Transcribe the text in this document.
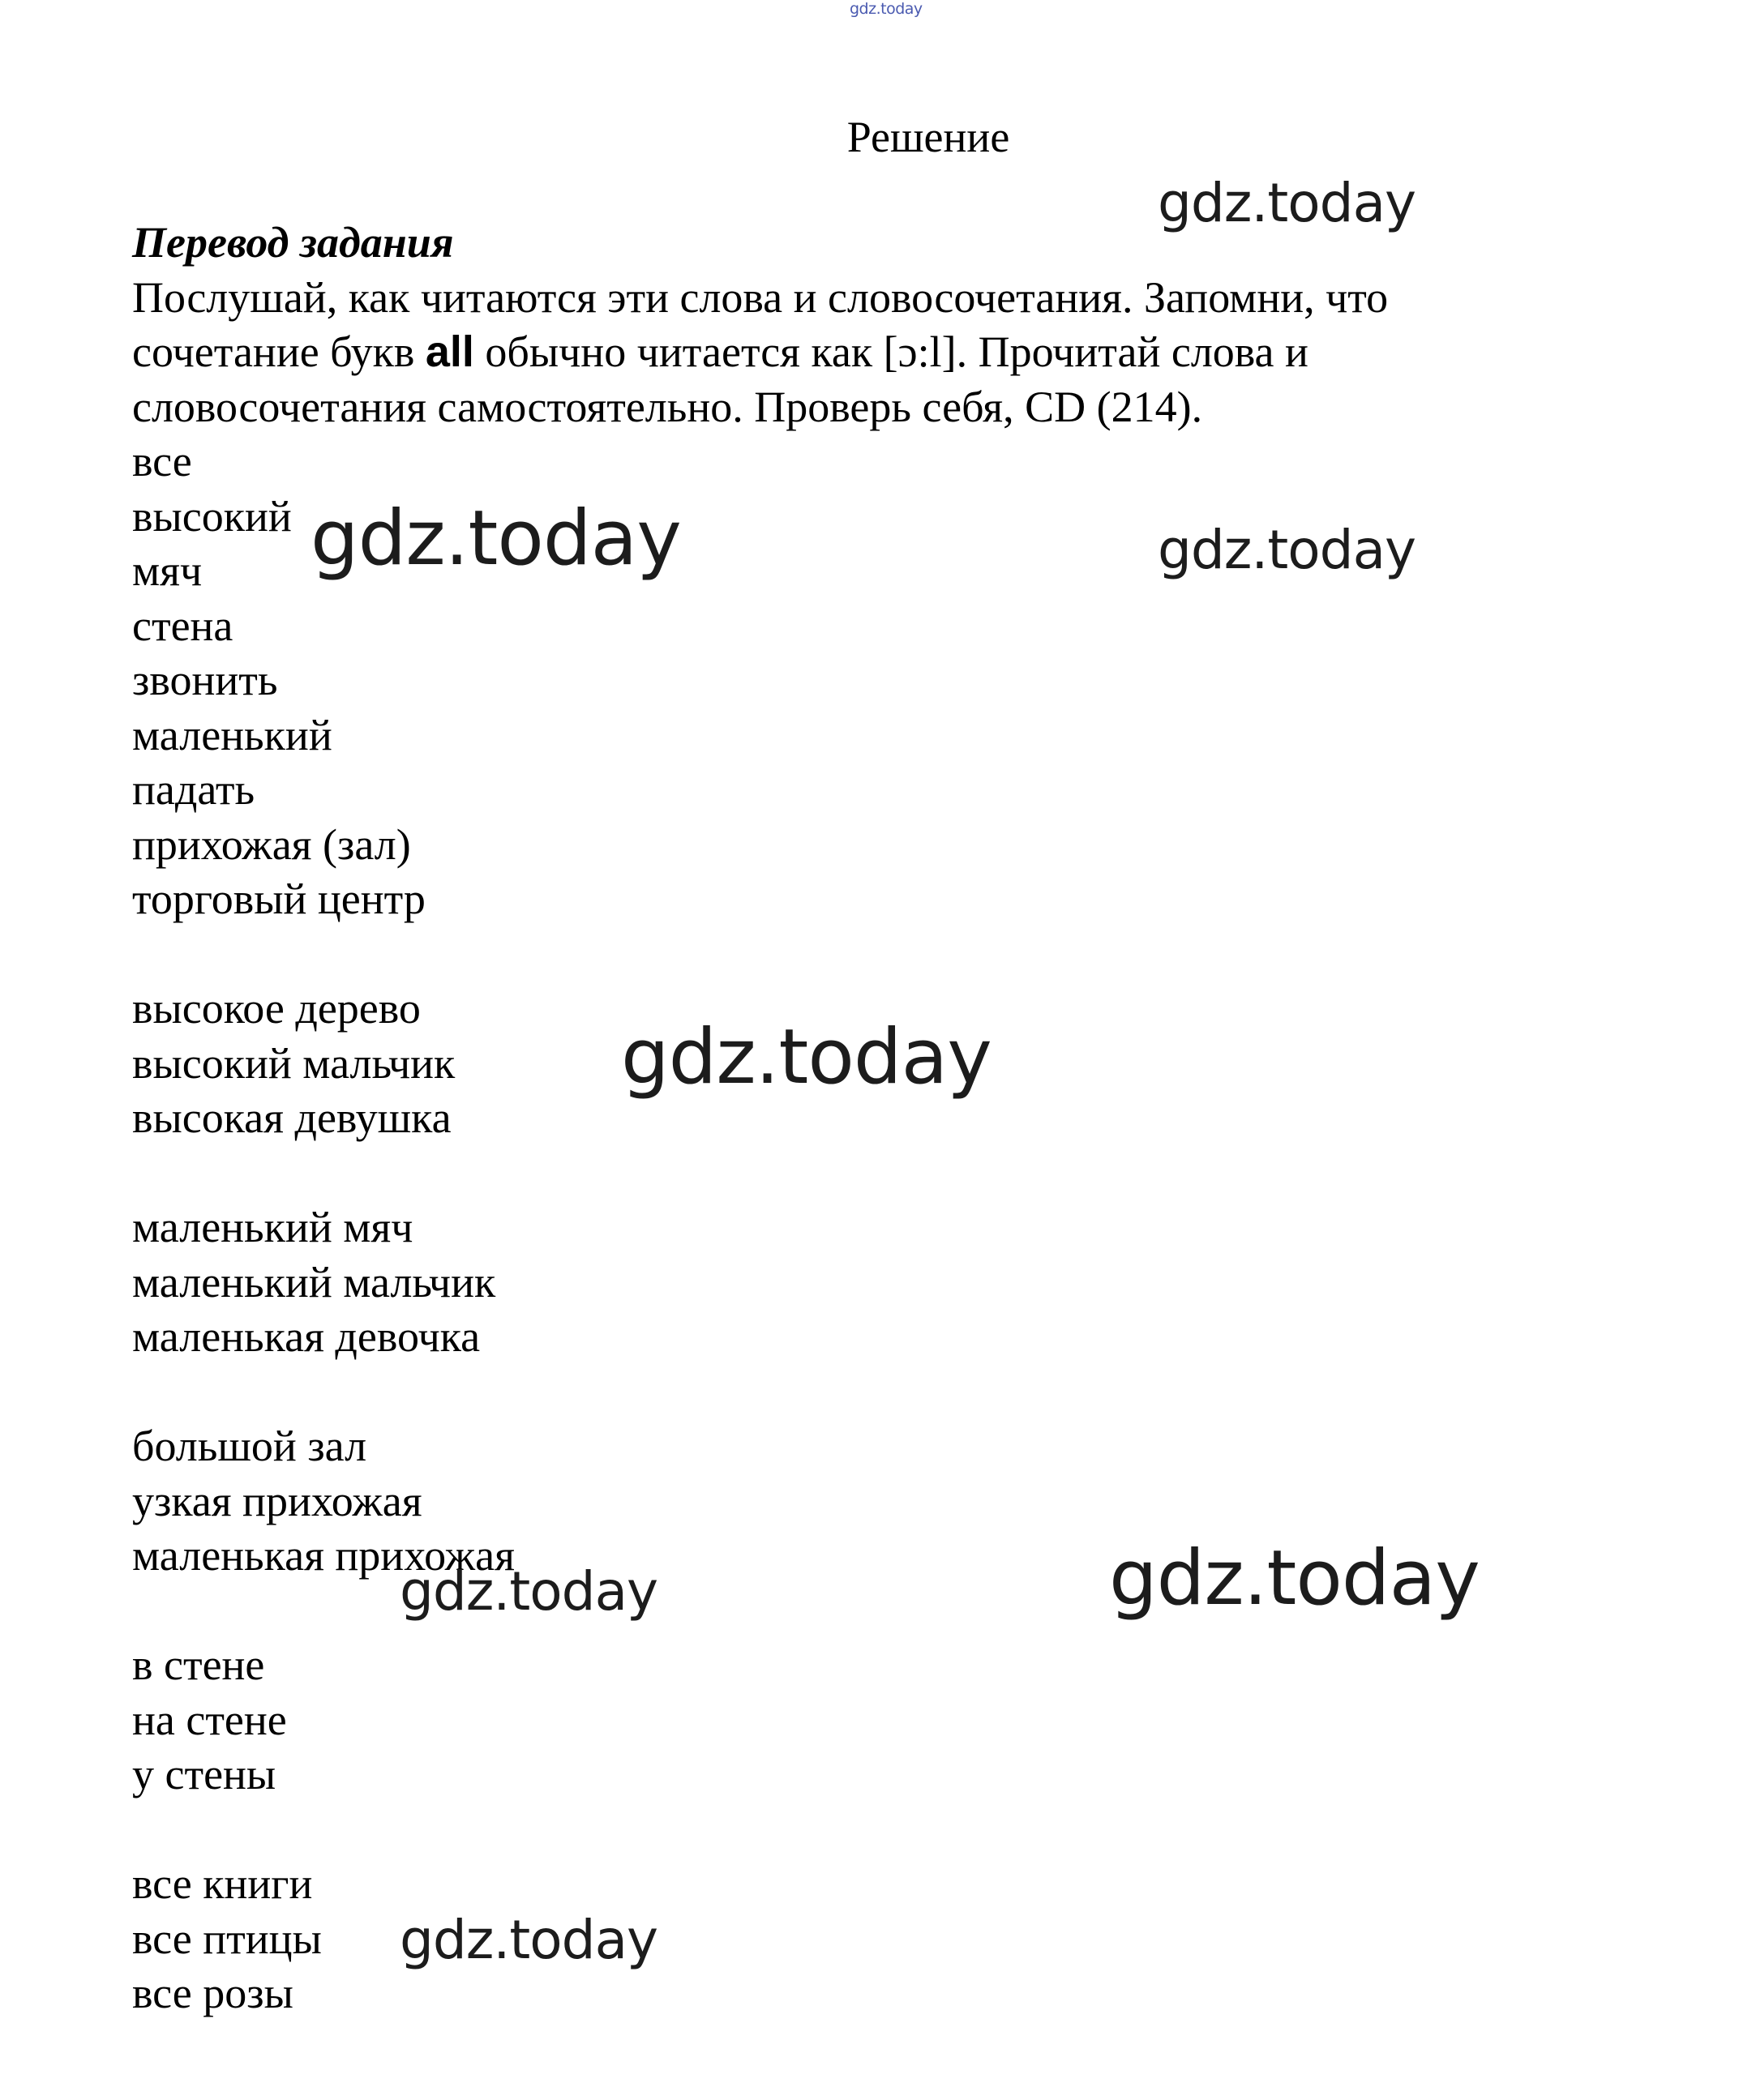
gdz.today
Решение
Перевод задания

Послушай, как читаются эти слова и словосочетания. Запомни, что сочетание букв all обычно читается как [ɔ:l]. Прочитай слова и словосочетания самостоятельно. Проверь себя, CD (214).

все
высокий
мяч
стена
звонить
маленький
падать
прихожая (зал)
торговый центр
высокое дерево
высокий мальчик
высокая девушка
маленький мяч
маленький мальчик
маленькая девочка
большой зал
узкая прихожая
маленькая прихожая
в стене
на стене
у стены
все книги
все птицы
все розы
gdz.today
gdz.today	gdz.today
gdz.today
gdz.today
gdz.today
gdz.today
